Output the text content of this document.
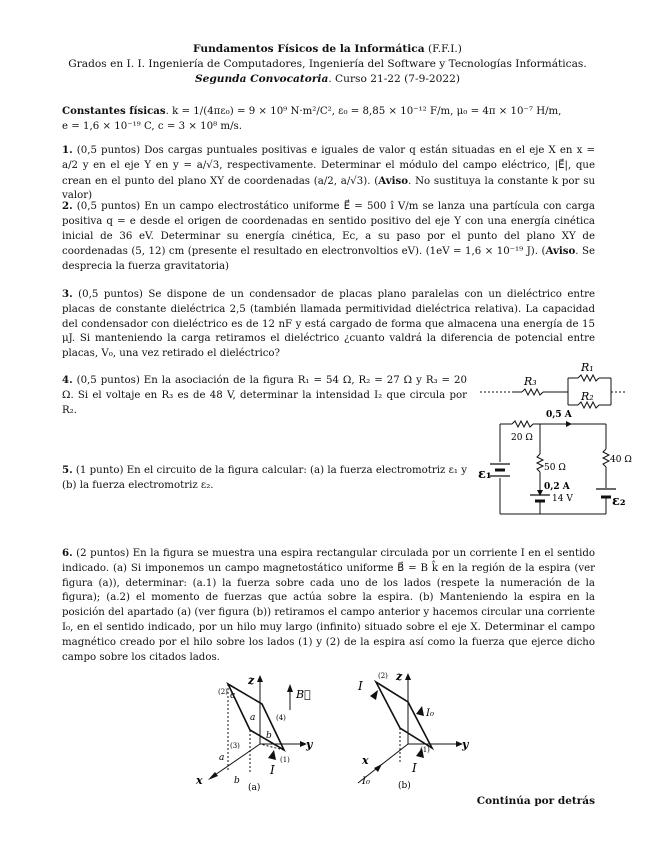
Fundamentos Físicos de la Informática (F.F.I.)
Grados en I. I. Ingeniería de Computadores, Ingeniería del Software y Tecnologías Informáticas.
Segunda Convocatoria. Curso 21-22 (7-9-2022)
Constantes físicas. k = 1/(4πε₀) = 9 × 10⁹ N·m²/C², ε₀ = 8,85 × 10⁻¹² F/m, μ₀ = 4π × 10⁻⁷ H/m,
e = 1,6 × 10⁻¹⁹ C, c = 3 × 10⁸ m/s.
1. (0,5 puntos) Dos cargas puntuales positivas e iguales de valor q están situadas en el eje X en x = a/2 y en el eje Y en y = a/√3, respectivamente. Determinar el módulo del campo eléctrico, |E⃗|, que crean en el punto del plano XY de coordenadas (a/2, a/√3). (Aviso. No sustituya la constante k por su valor)
2. (0,5 puntos) En un campo electrostático uniforme E⃗ = 500 î V/m se lanza una partícula con carga positiva q = e desde el origen de coordenadas en sentido positivo del eje Y con una energía cinética inicial de 36 eV. Determinar su energía cinética, Ec, a su paso por el punto del plano XY de coordenadas (5, 12) cm (presente el resultado en electronvoltios eV). (1eV = 1,6 × 10⁻¹⁹ J). (Aviso. Se desprecia la fuerza gravitatoria)
3. (0,5 puntos) Se dispone de un condensador de placas plano paralelas con un dieléctrico entre placas de constante dieléctrica 2,5 (también llamada permitividad dieléctrica relativa). La capacidad del condensador con dieléctrico es de 12 nF y está cargado de forma que almacena una energía de 15 μJ. Si manteniendo la carga retiramos el dieléctrico ¿cuanto valdrá la diferencia de potencial entre placas, V₀, una vez retirado el dieléctrico?
4. (0,5 puntos) En la asociación de la figura R₁ = 54 Ω, R₂ = 27 Ω y R₃ = 20 Ω. Si el voltaje en R₃ es de 48 V, determinar la intensidad I₂ que circula por R₂.
R₃
R₁
R₂
5. (1 punto) En el circuito de la figura calcular: (a) la fuerza electromotriz ε₁ y (b) la fuerza electromotriz ε₂.
ε₁
20 Ω
0,5 A
50 Ω
40 Ω
0,2 A
14 V	ε₂
6. (2 puntos) En la figura se muestra una espira rectangular circulada por un corriente I en el sentido indicado. (a) Si imponemos un campo magnetostático uniforme B⃗ = B k̂ en la región de la espira (ver figura (a)), determinar: (a.1) la fuerza sobre cada uno de los lados (respete la numeración de la figura); (a.2) el momento de fuerzas que actúa sobre la espira. (b) Manteniendo la espira en la posición del apartado (a) (ver figura (b)) retiramos el campo anterior y hacemos circular una corriente I₀, en el sentido indicado, por un hilo muy largo (infinito) situado sobre el eje X. Determinar el campo magnético creado por el hilo sobre los lados (1) y (2) de la espira así como la fuerza que ejerce dicho campo sobre los citados lados.
z
y
x
B⃗
I
a
a
b
b
c
(1)
(2)
(3)
(4)
(a)
z
y
x
I
I
I₀
I₀
(1)
(2)
(b)
Continúa por detrás
